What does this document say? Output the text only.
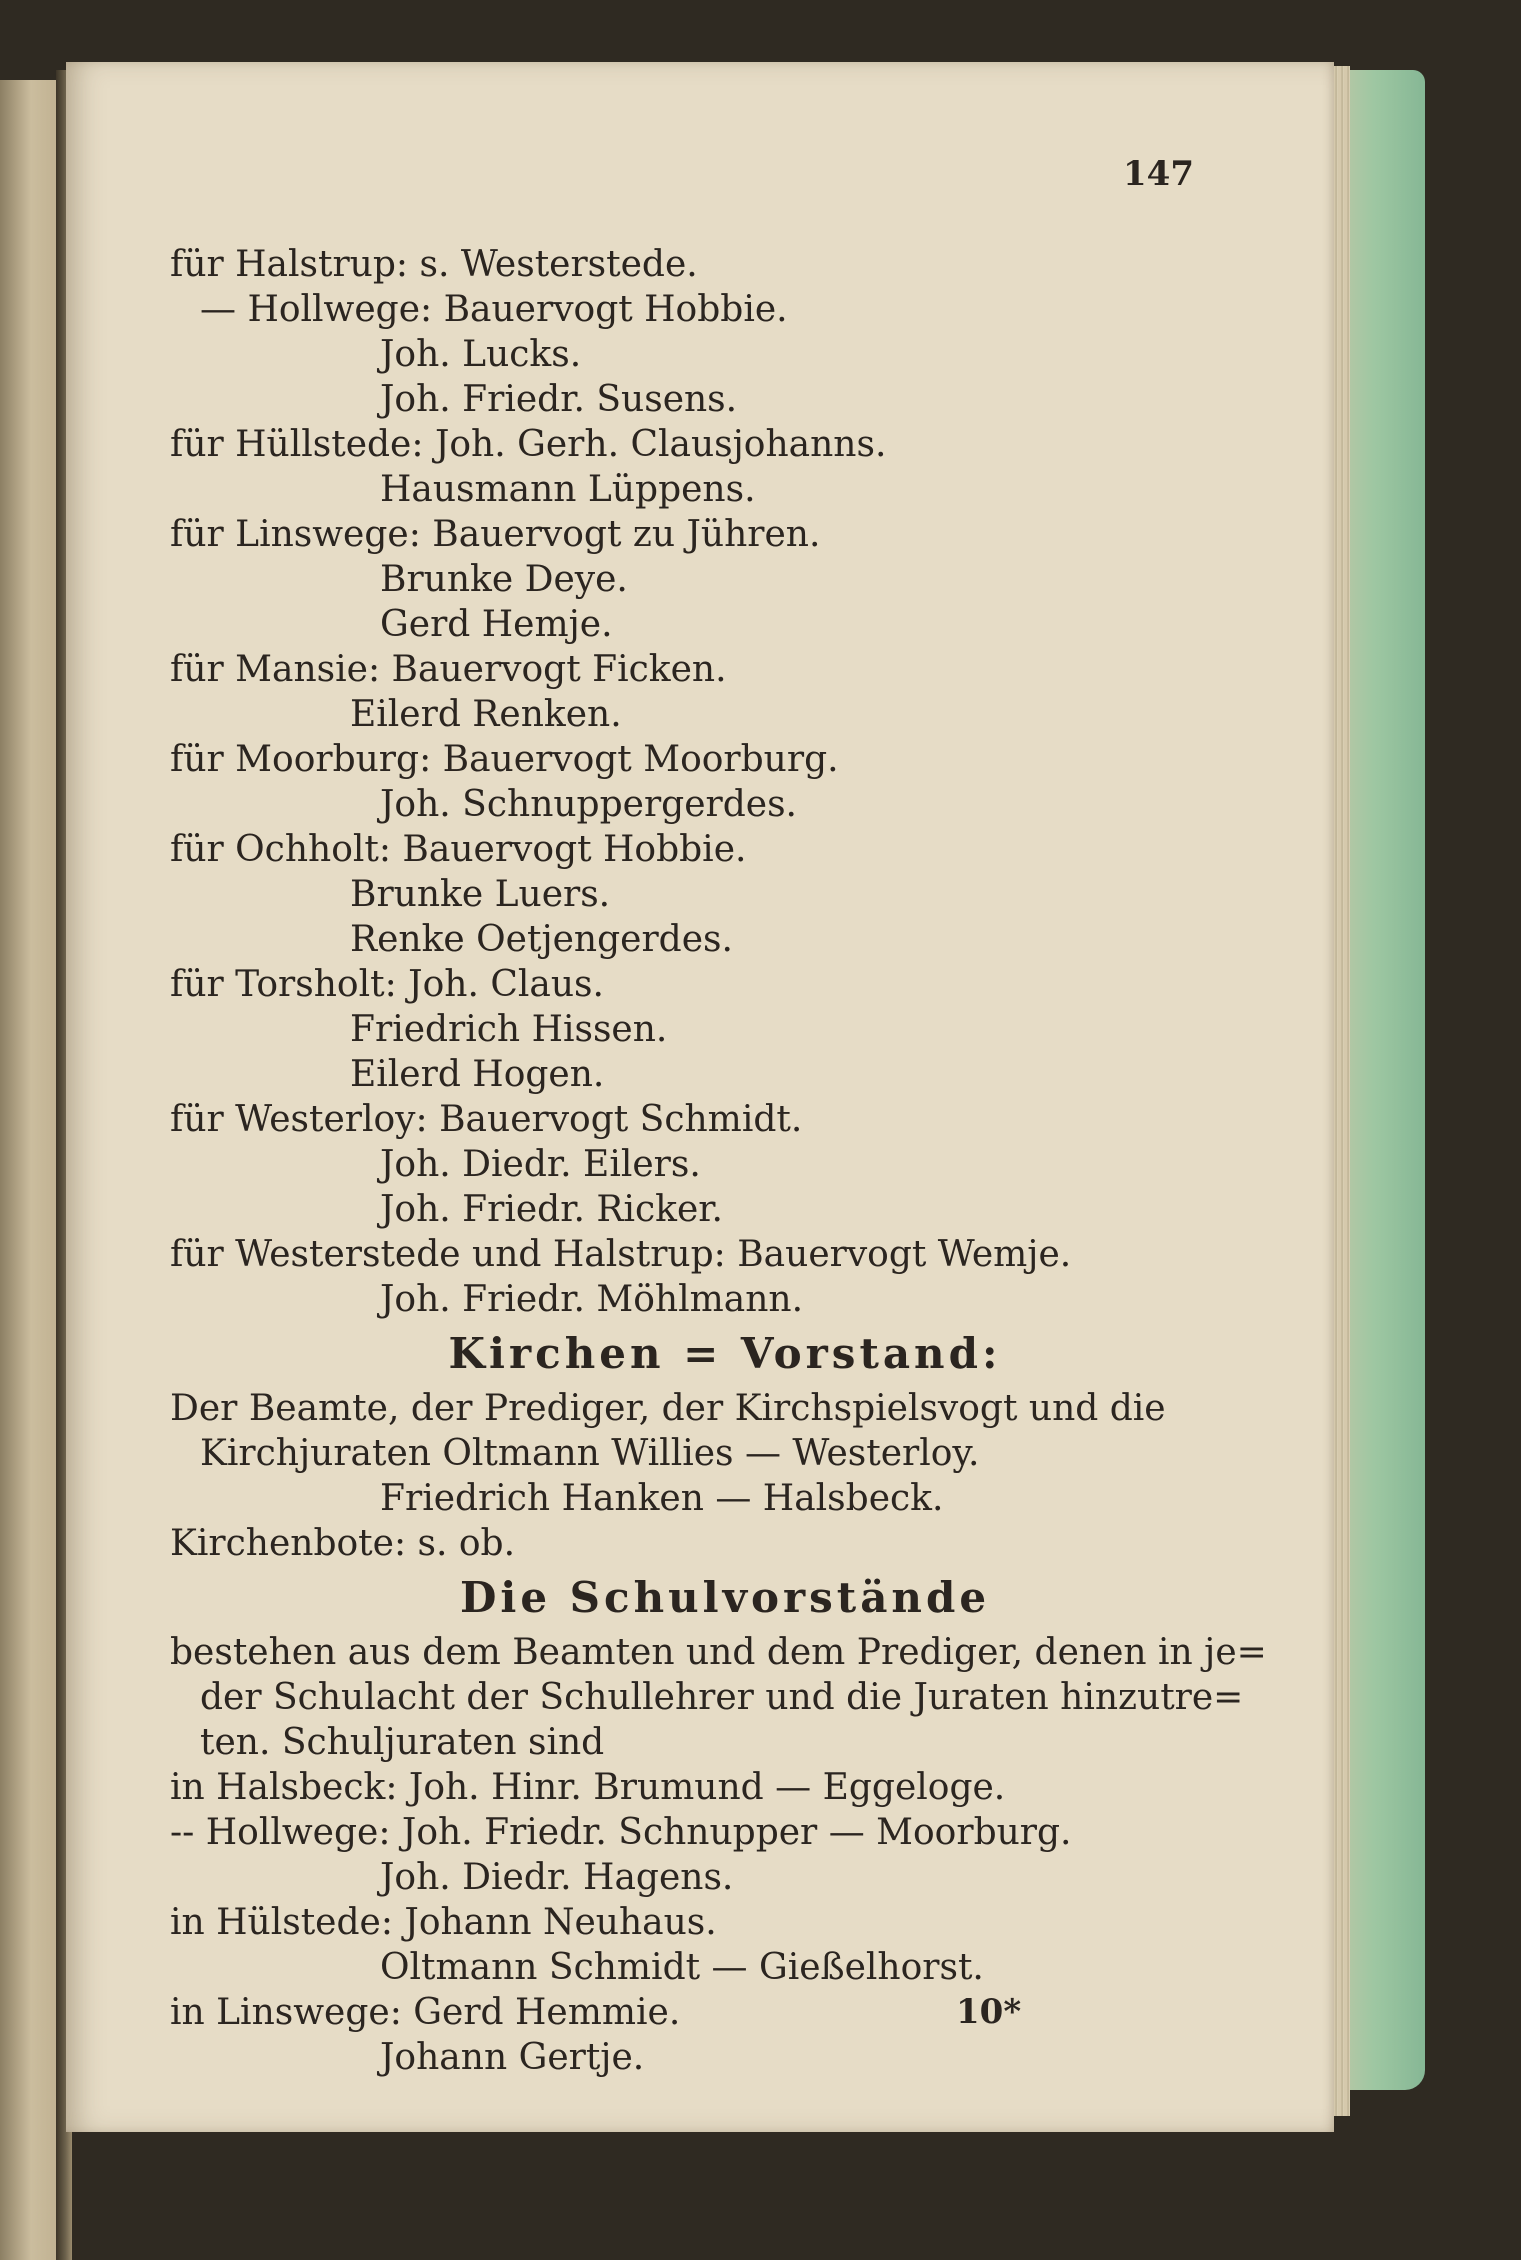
147
für Halstrup: s. Westerstede.
— Hollwege: Bauervogt Hobbie.
Joh. Lucks.
Joh. Friedr. Susens.
für Hüllstede: Joh. Gerh. Clausjohanns.
Hausmann Lüppens.
für Linswege: Bauervogt zu Jühren.
Brunke Deye.
Gerd Hemje.
für Mansie: Bauervogt Ficken.
Eilerd Renken.
für Moorburg: Bauervogt Moorburg.
Joh. Schnuppergerdes.
für Ochholt: Bauervogt Hobbie.
Brunke Luers.
Renke Oetjengerdes.
für Torsholt: Joh. Claus.
Friedrich Hissen.
Eilerd Hogen.
für Westerloy: Bauervogt Schmidt.
Joh. Diedr. Eilers.
Joh. Friedr. Ricker.
für Westerstede und Halstrup: Bauervogt Wemje.
Joh. Friedr. Möhlmann.
Kirchen = Vorstand:
Der Beamte, der Prediger, der Kirchspielsvogt und die
Kirchjuraten Oltmann Willies — Westerloy.
Friedrich Hanken — Halsbeck.
Kirchenbote: s. ob.
Die Schulvorstände
bestehen aus dem Beamten und dem Prediger, denen in je=
der Schulacht der Schullehrer und die Juraten hinzutre=
ten. Schuljuraten sind
in Halsbeck: Joh. Hinr. Brumund — Eggeloge.
-- Hollwege: Joh. Friedr. Schnupper — Moorburg.
Joh. Diedr. Hagens.
in Hülstede: Johann Neuhaus.
Oltmann Schmidt — Gießelhorst.
in Linswege: Gerd Hemmie.
Johann Gertje.
10*
